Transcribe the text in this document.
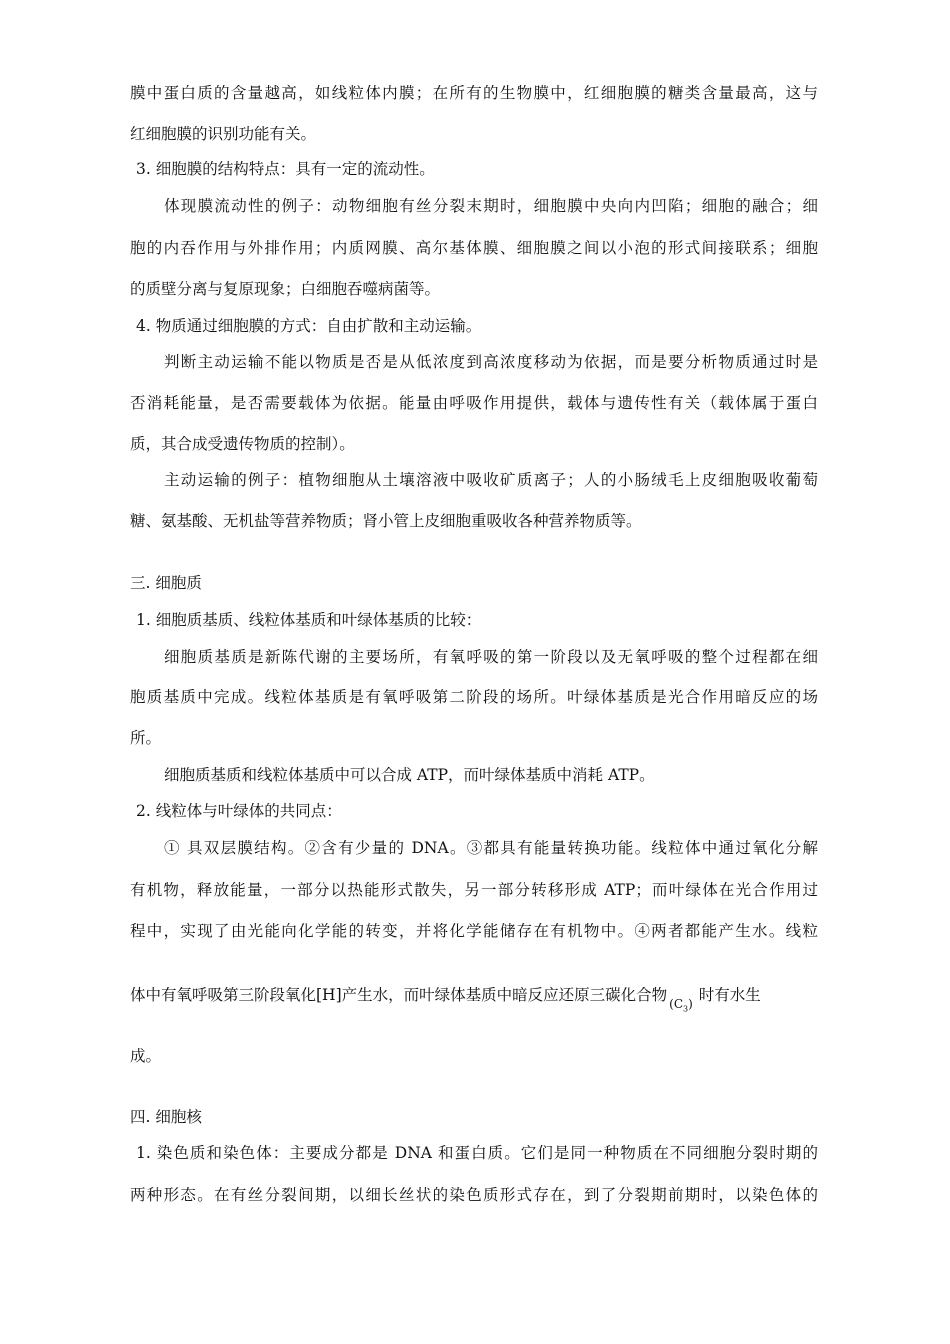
膜中蛋白质的含量越高，如线粒体内膜；在所有的生物膜中，红细胞膜的糖类含量最高，这与

红细胞膜的识别功能有关。

3. 细胞膜的结构特点：具有一定的流动性。

体现膜流动性的例子：动物细胞有丝分裂末期时，细胞膜中央向内凹陷；细胞的融合；细

胞的内吞作用与外排作用；内质网膜、高尔基体膜、细胞膜之间以小泡的形式间接联系；细胞

的质壁分离与复原现象；白细胞吞噬病菌等。

4. 物质通过细胞膜的方式：自由扩散和主动运输。

判断主动运输不能以物质是否是从低浓度到高浓度移动为依据，而是要分析物质通过时是

否消耗能量，是否需要载体为依据。能量由呼吸作用提供，载体与遗传性有关（载体属于蛋白

质，其合成受遗传物质的控制）。

主动运输的例子：植物细胞从土壤溶液中吸收矿质离子；人的小肠绒毛上皮细胞吸收葡萄

糖、氨基酸、无机盐等营养物质；肾小管上皮细胞重吸收各种营养物质等。

三. 细胞质

1. 细胞质基质、线粒体基质和叶绿体基质的比较：

细胞质基质是新陈代谢的主要场所，有氧呼吸的第一阶段以及无氧呼吸的整个过程都在细

胞质基质中完成。线粒体基质是有氧呼吸第二阶段的场所。叶绿体基质是光合作用暗反应的场

所。

细胞质基质和线粒体基质中可以合成 ATP，而叶绿体基质中消耗 ATP。

2. 线粒体与叶绿体的共同点：

① 具双层膜结构。②含有少量的 DNA。③都具有能量转换功能。线粒体中通过氧化分解

有机物，释放能量，一部分以热能形式散失，另一部分转移形成 ATP；而叶绿体在光合作用过

程中，实现了由光能向化学能的转变，并将化学能储存在有机物中。④两者都能产生水。线粒

体中有氧呼吸第三阶段氧化[H]产生水，而叶绿体基质中暗反应还原三碳化合物 $_{(C_3)}$ 时有水生

成。

四. 细胞核

1. 染色质和染色体：主要成分都是 DNA 和蛋白质。它们是同一种物质在不同细胞分裂时期的

两种形态。在有丝分裂间期，以细长丝状的染色质形式存在，到了分裂期前期时，以染色体的
